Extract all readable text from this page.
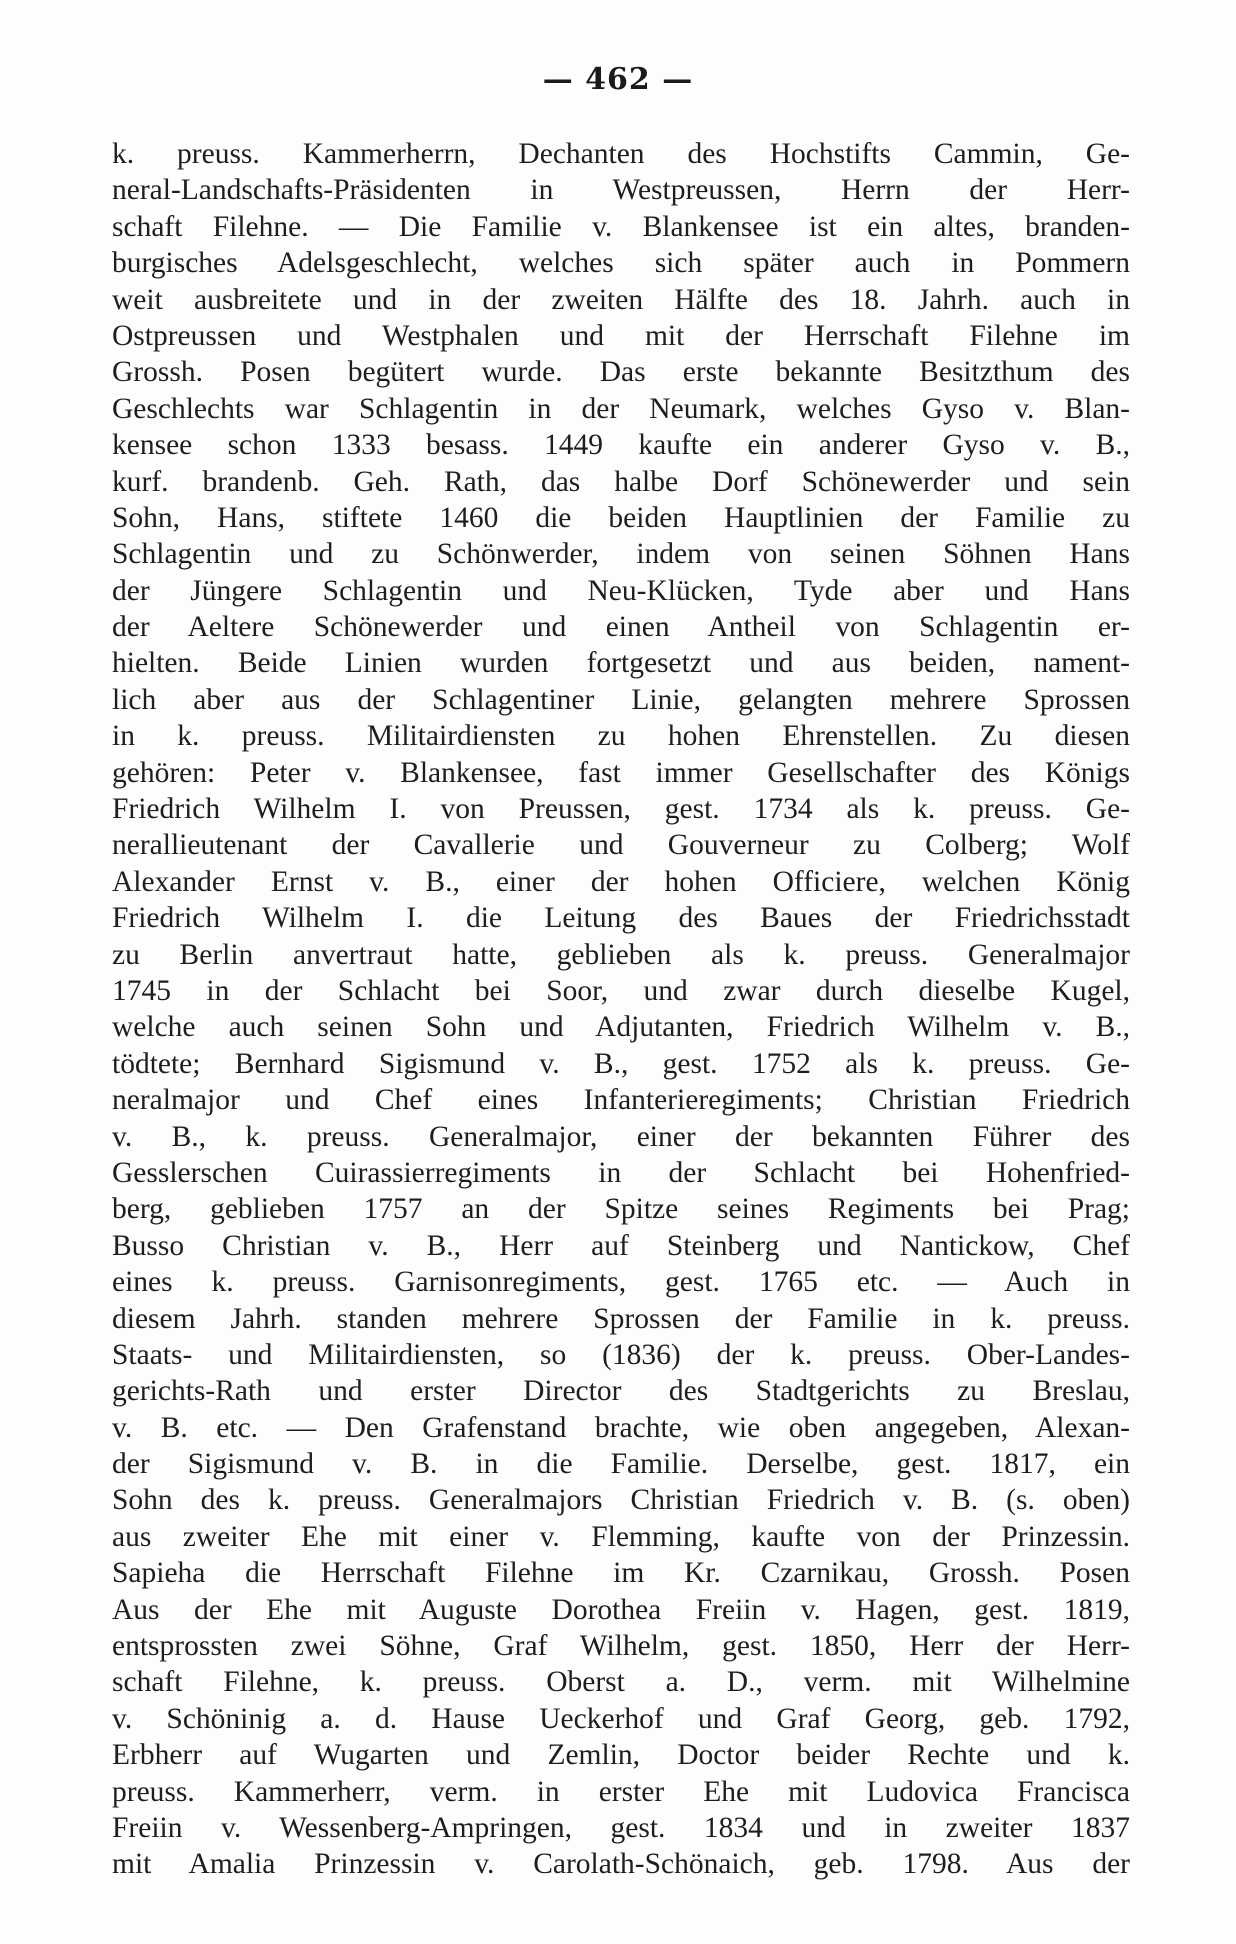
— 462 —
k. preuss. Kammerherrn, Dechanten des Hochstifts Cammin, Ge-
neral-Landschafts-Präsidenten in Westpreussen, Herrn der Herr-
schaft Filehne. — Die Familie v. Blankensee ist ein altes, branden-
burgisches Adelsgeschlecht, welches sich später auch in Pommern
weit ausbreitete und in der zweiten Hälfte des 18. Jahrh. auch in
Ostpreussen und Westphalen und mit der Herrschaft Filehne im
Grossh. Posen begütert wurde. Das erste bekannte Besitzthum des
Geschlechts war Schlagentin in der Neumark, welches Gyso v. Blan-
kensee schon 1333 besass. 1449 kaufte ein anderer Gyso v. B.,
kurf. brandenb. Geh. Rath, das halbe Dorf Schönewerder und sein
Sohn, Hans, stiftete 1460 die beiden Hauptlinien der Familie zu
Schlagentin und zu Schönwerder, indem von seinen Söhnen Hans
der Jüngere Schlagentin und Neu-Klücken, Tyde aber und Hans
der Aeltere Schönewerder und einen Antheil von Schlagentin er-
hielten. Beide Linien wurden fortgesetzt und aus beiden, nament-
lich aber aus der Schlagentiner Linie, gelangten mehrere Sprossen
in k. preuss. Militairdiensten zu hohen Ehrenstellen. Zu diesen
gehören: Peter v. Blankensee, fast immer Gesellschafter des Königs
Friedrich Wilhelm I. von Preussen, gest. 1734 als k. preuss. Ge-
nerallieutenant der Cavallerie und Gouverneur zu Colberg; Wolf
Alexander Ernst v. B., einer der hohen Officiere, welchen König
Friedrich Wilhelm I. die Leitung des Baues der Friedrichsstadt
zu Berlin anvertraut hatte, geblieben als k. preuss. Generalmajor
1745 in der Schlacht bei Soor, und zwar durch dieselbe Kugel,
welche auch seinen Sohn und Adjutanten, Friedrich Wilhelm v. B.,
tödtete; Bernhard Sigismund v. B., gest. 1752 als k. preuss. Ge-
neralmajor und Chef eines Infanterieregiments; Christian Friedrich
v. B., k. preuss. Generalmajor, einer der bekannten Führer des
Gesslerschen Cuirassierregiments in der Schlacht bei Hohenfried-
berg, geblieben 1757 an der Spitze seines Regiments bei Prag;
Busso Christian v. B., Herr auf Steinberg und Nantickow, Chef
eines k. preuss. Garnisonregiments, gest. 1765 etc. — Auch in
diesem Jahrh. standen mehrere Sprossen der Familie in k. preuss.
Staats- und Militairdiensten, so (1836) der k. preuss. Ober-Landes-
gerichts-Rath und erster Director des Stadtgerichts zu Breslau,
v. B. etc. — Den Grafenstand brachte, wie oben angegeben, Alexan-
der Sigismund v. B. in die Familie. Derselbe, gest. 1817, ein
Sohn des k. preuss. Generalmajors Christian Friedrich v. B. (s. oben)
aus zweiter Ehe mit einer v. Flemming, kaufte von der Prinzessin.
Sapieha die Herrschaft Filehne im Kr. Czarnikau, Grossh. Posen
Aus der Ehe mit Auguste Dorothea Freiin v. Hagen, gest. 1819,
entsprossten zwei Söhne, Graf Wilhelm, gest. 1850, Herr der Herr-
schaft Filehne, k. preuss. Oberst a. D., verm. mit Wilhelmine
v. Schöninig a. d. Hause Ueckerhof und Graf Georg, geb. 1792,
Erbherr auf Wugarten und Zemlin, Doctor beider Rechte und k.
preuss. Kammerherr, verm. in erster Ehe mit Ludovica Francisca
Freiin v. Wessenberg-Ampringen, gest. 1834 und in zweiter 1837
mit Amalia Prinzessin v. Carolath-Schönaich, geb. 1798. Aus der
